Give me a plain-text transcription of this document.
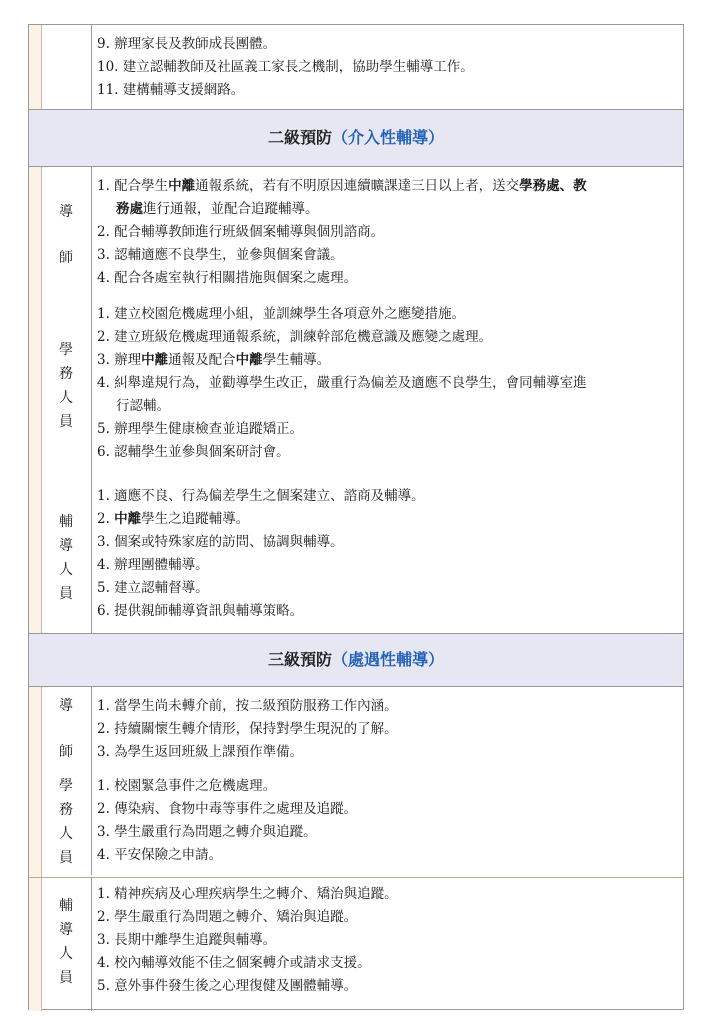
9. 辦理家長及教師成長團體。
10. 建立認輔教師及社區義工家長之機制，協助學生輔導工作。
11. 建構輔導支援網路。
二級預防（介入性輔導）
導
師
1. 配合學生中離通報系統，若有不明原因連續曠課達三日以上者，送交學務處、教
務處進行通報，並配合追蹤輔導。
2. 配合輔導教師進行班級個案輔導與個別諮商。
3. 認輔適應不良學生，並參與個案會議。
4. 配合各處室執行相關措施與個案之處理。
學
務
人
員
1. 建立校園危機處理小組，並訓練學生各項意外之應變措施。
2. 建立班級危機處理通報系統，訓練幹部危機意識及應變之處理。
3. 辦理中離通報及配合中離學生輔導。
4. 糾舉違規行為，並勸導學生改正，嚴重行為偏差及適應不良學生，會同輔導室進
行認輔。
5. 辦理學生健康檢查並追蹤矯正。
6. 認輔學生並參與個案研討會。
輔
導
人
員
1. 適應不良、行為偏差學生之個案建立、諮商及輔導。
2. 中離學生之追蹤輔導。
3. 個案或特殊家庭的訪問、協調與輔導。
4. 辦理團體輔導。
5. 建立認輔督導。
6. 提供親師輔導資訊與輔導策略。
三級預防（處遇性輔導）
導
師
1. 當學生尚未轉介前，按二級預防服務工作內涵。
2. 持續關懷生轉介情形，保持對學生現況的了解。
3. 為學生返回班級上課預作準備。
學
務
人
員
1. 校園緊急事件之危機處理。
2. 傳染病、食物中毒等事件之處理及追蹤。
3. 學生嚴重行為問題之轉介與追蹤。
4. 平安保險之申請。
輔
導
人
員
1. 精神疾病及心理疾病學生之轉介、矯治與追蹤。
2. 學生嚴重行為問題之轉介、矯治與追蹤。
3. 長期中離學生追蹤與輔導。
4. 校內輔導效能不佳之個案轉介或請求支援。
5. 意外事件發生後之心理復健及團體輔導。
